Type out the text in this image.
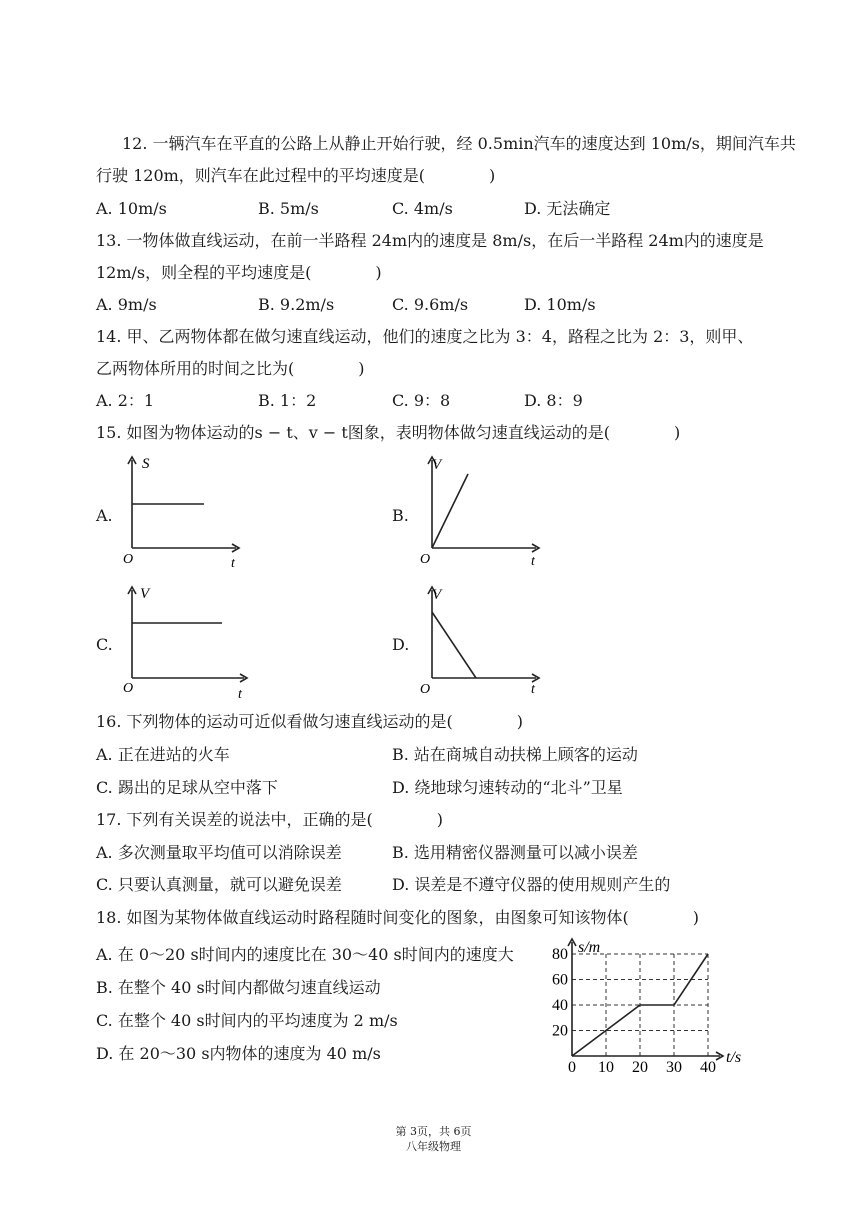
12. 一辆汽车在平直的公路上从静止开始行驶，经 0.5min汽车的速度达到 10m/s，期间汽车共
行驶 120m，则汽车在此过程中的平均速度是(　　　　)
A. 10m/s	B. 5m/s	C. 4m/s	D. 无法确定
13. 一物体做直线运动，在前一半路程 24m内的速度是 8m/s，在后一半路程 24m内的速度是
12m/s，则全程的平均速度是(　　　　)
A. 9m/s	B. 9.2m/s	C. 9.6m/s	D. 10m/s
14. 甲、乙两物体都在做匀速直线运动，他们的速度之比为 3：4，路程之比为 2：3，则甲、
乙两物体所用的时间之比为(　　　　)
A. 2：1	B. 1：2	C. 9：8	D. 8：9
15. 如图为物体运动的s − t、v − t图象，表明物体做匀速直线运动的是(　　　　)
A.
S
O	t
B.
V
O	t
C.
V
O	t
D.
V
O	t
16. 下列物体的运动可近似看做匀速直线运动的是(　　　　)
A. 正在进站的火车	B. 站在商城自动扶梯上顾客的运动
C. 踢出的足球从空中落下	D. 绕地球匀速转动的“北斗”卫星
17. 下列有关误差的说法中，正确的是(　　　　)
A. 多次测量取平均值可以消除误差	B. 选用精密仪器测量可以减小误差
C. 只要认真测量，就可以避免误差	D. 误差是不遵守仪器的使用规则产生的
18. 如图为某物体做直线运动时路程随时间变化的图象，由图象可知该物体(　　　　)
A. 在 0～20 s时间内的速度比在 30～40 s时间内的速度大
B. 在整个 40 s时间内都做匀速直线运动
C. 在整个 40 s时间内的平均速度为 2 m/s
D. 在 20～30 s内物体的速度为 40 m/s
0 10 20 30 40
20
40
60
80 s/m
t/s
第 3页，共 6页
八年级物理
